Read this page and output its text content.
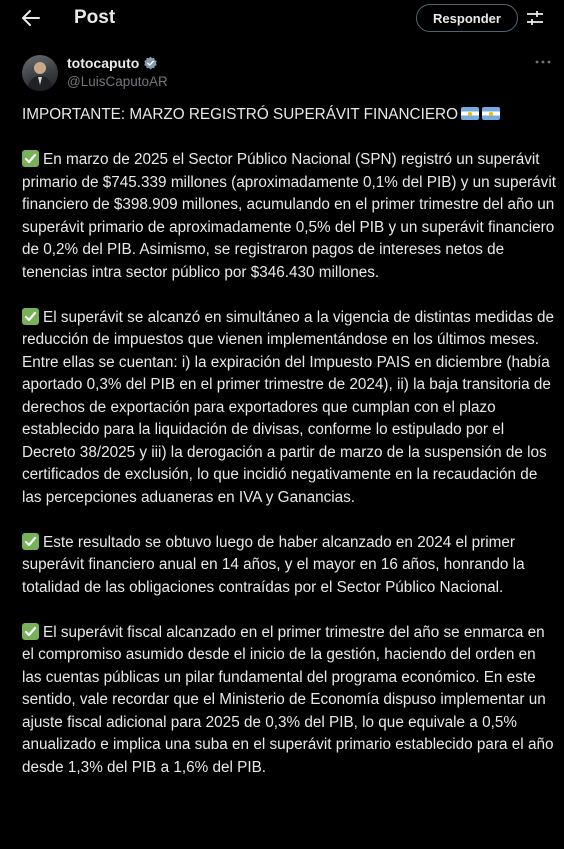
Post	Responder
totocaputo
@LuisCaputoAR

IMPORTANTE: MARZO REGISTRÓ SUPERÁVIT FINANCIERO

En marzo de 2025 el Sector Público Nacional (SPN) registró un superávit primario de $745.339 millones (aproximadamente 0,1% del PIB) y un superávit financiero de $398.909 millones, acumulando en el primer trimestre del año un superávit primario de aproximadamente 0,5% del PIB y un superávit financiero de 0,2% del PIB. Asimismo, se registraron pagos de intereses netos de tenencias intra sector público por $346.430 millones.

El superávit se alcanzó en simultáneo a la vigencia de distintas medidas de reducción de impuestos que vienen implementándose en los últimos meses. Entre ellas se cuentan: i) la expiración del Impuesto PAIS en diciembre (había aportado 0,3% del PIB en el primer trimestre de 2024), ii) la baja transitoria de derechos de exportación para exportadores que cumplan con el plazo establecido para la liquidación de divisas, conforme lo estipulado por el Decreto 38/2025 y iii) la derogación a partir de marzo de la suspensión de los certificados de exclusión, lo que incidió negativamente en la recaudación de las percepciones aduaneras en IVA y Ganancias.

Este resultado se obtuvo luego de haber alcanzado en 2024 el primer superávit financiero anual en 14 años, y el mayor en 16 años, honrando la totalidad de las obligaciones contraídas por el Sector Público Nacional.

El superávit fiscal alcanzado en el primer trimestre del año se enmarca en el compromiso asumido desde el inicio de la gestión, haciendo del orden en las cuentas públicas un pilar fundamental del programa económico. En este sentido, vale recordar que el Ministerio de Economía dispuso implementar un ajuste fiscal adicional para 2025 de 0,3% del PIB, lo que equivale a 0,5% anualizado e implica una suba en el superávit primario establecido para el año desde 1,3% del PIB a 1,6% del PIB.
